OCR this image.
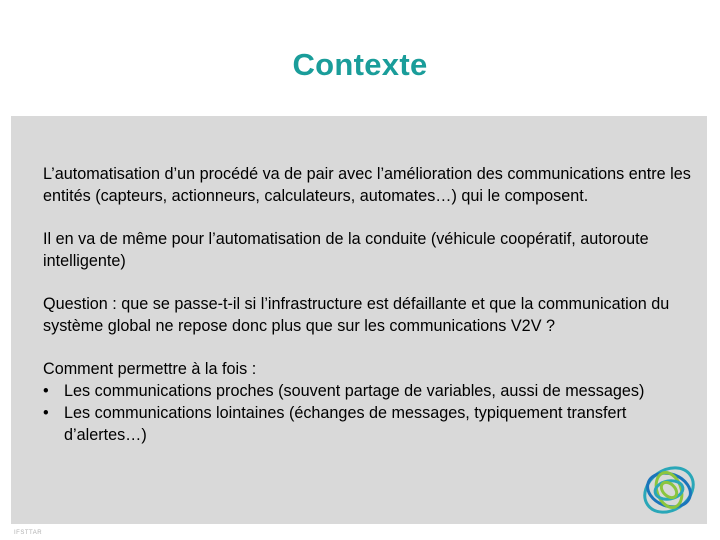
Contexte

L’automatisation d’un procédé va de pair avec l’amélioration des communications entre les entités (capteurs, actionneurs, calculateurs, automates…) qui le composent.

Il en va de même pour l’automatisation de la conduite (véhicule coopératif, autoroute intelligente)

Question : que se passe-t-il si l’infrastructure est défaillante et que la communication du système global ne repose donc plus que sur les communications V2V ?

Comment permettre à la fois :

• Les communications proches (souvent partage de variables, aussi de messages)
• Les communications lointaines (échanges de messages, typiquement transfert d’alertes…)
IFSTTAR
